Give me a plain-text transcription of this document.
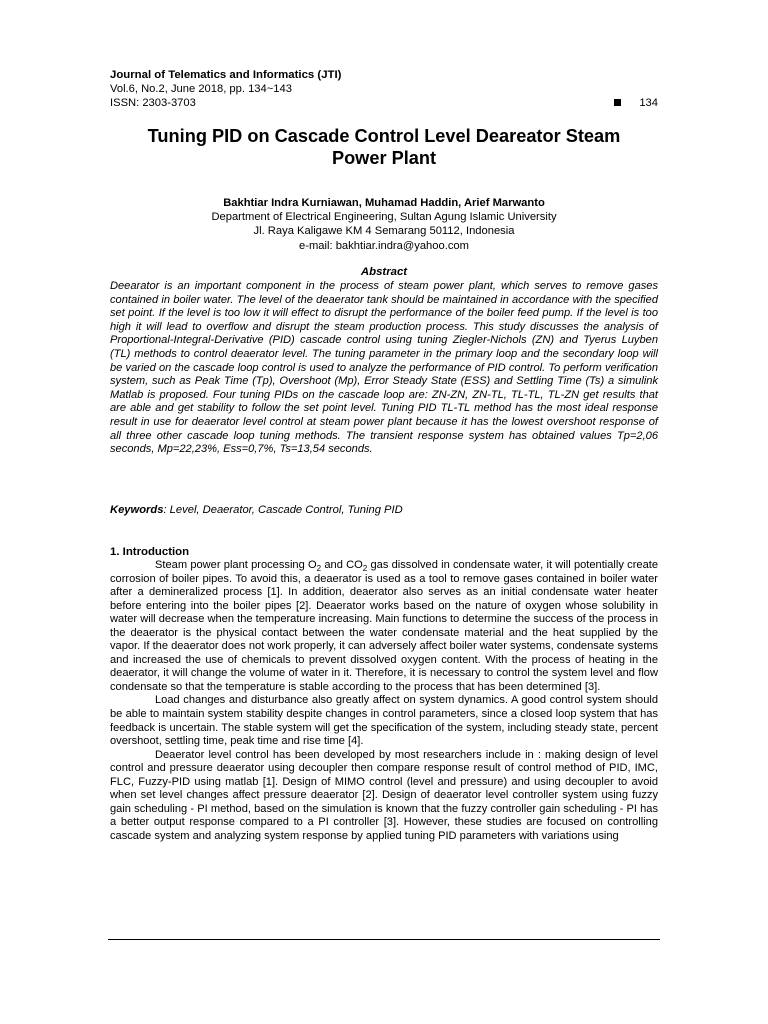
Journal of Telematics and Informatics (JTI)
Vol.6, No.2, June 2018, pp. 134~143
ISSN: 2303-3703	134
Tuning PID on Cascade Control Level Deareator Steam
Power Plant
Bakhtiar Indra Kurniawan, Muhamad Haddin, Arief Marwanto
Department of Electrical Engineering, Sultan Agung Islamic University
Jl. Raya Kaligawe KM 4 Semarang 50112, Indonesia
e-mail: bakhtiar.indra@yahoo.com
Abstract

Deearator is an important component in the process of steam power plant, which serves to remove gases contained in boiler water. The level of the deaerator tank should be maintained in accordance with the specified set point. If the level is too low it will effect to disrupt the performance of the boiler feed pump. If the level is too high it will lead to overflow and disrupt the steam production process. This study discusses the analysis of Proportional-Integral-Derivative (PID) cascade control using tuning Ziegler-Nichols (ZN) and Tyerus Luyben (TL) methods to control deaerator level. The tuning parameter in the primary loop and the secondary loop will be varied on the cascade loop control is used to analyze the performance of PID control. To perform verification system, such as Peak Time (Tp), Overshoot (Mp), Error Steady State (ESS) and Settling Time (Ts) a simulink Matlab is proposed. Four tuning PIDs on the cascade loop are: ZN-ZN, ZN-TL, TL-TL, TL-ZN get results that are able and get stability to follow the set point level. Tuning PID TL-TL method has the most ideal response result in use for deaerator level control at steam power plant because it has the lowest overshoot response of all three other cascade loop tuning methods. The transient response system has obtained values Tp=2,06 seconds, Mp=22,23%, Ess=0,7%, Ts=13,54 seconds.

Keywords: Level, Deaerator, Cascade Control, Tuning PID
1. Introduction

Steam power plant processing $O_2$ and $CO_2$ gas dissolved in condensate water, it will potentially create corrosion of boiler pipes. To avoid this, a deaerator is used as a tool to remove gases contained in boiler water after a demineralized process [1]. In addition, deaerator also serves as an initial condensate water heater before entering into the boiler pipes [2]. Deaerator works based on the nature of oxygen whose solubility in water will decrease when the temperature increasing. Main functions to determine the success of the process in the deaerator is the physical contact between the water condensate material and the heat supplied by the vapor. If the deaerator does not work properly, it can adversely affect boiler water systems, condensate systems and increased the use of chemicals to prevent dissolved oxygen content. With the process of heating in the deaerator, it will change the volume of water in it. Therefore, it is necessary to control the system level and flow condensate so that the temperature is stable according to the process that has been determined [3].

Load changes and disturbance also greatly affect on system dynamics. A good control system should be able to maintain system stability despite changes in control parameters, since a closed loop system that has feedback is uncertain. The stable system will get the specification of the system, including steady state, percent overshoot, settling time, peak time and rise time [4].

Deaerator level control has been developed by most researchers include in : making design of level control and pressure deaerator using decoupler then compare response result of control method of PID, IMC, FLC, Fuzzy-PID using matlab [1]. Design of MIMO control (level and pressure) and using decoupler to avoid when set level changes affect pressure deaerator [2]. Design of deaerator level controller system using fuzzy gain scheduling - PI method, based on the simulation is known that the fuzzy controller gain scheduling - PI has a better output response compared to a PI controller [3]. However, these studies are focused on controlling cascade system and analyzing system response by applied tuning PID parameters with variations using
